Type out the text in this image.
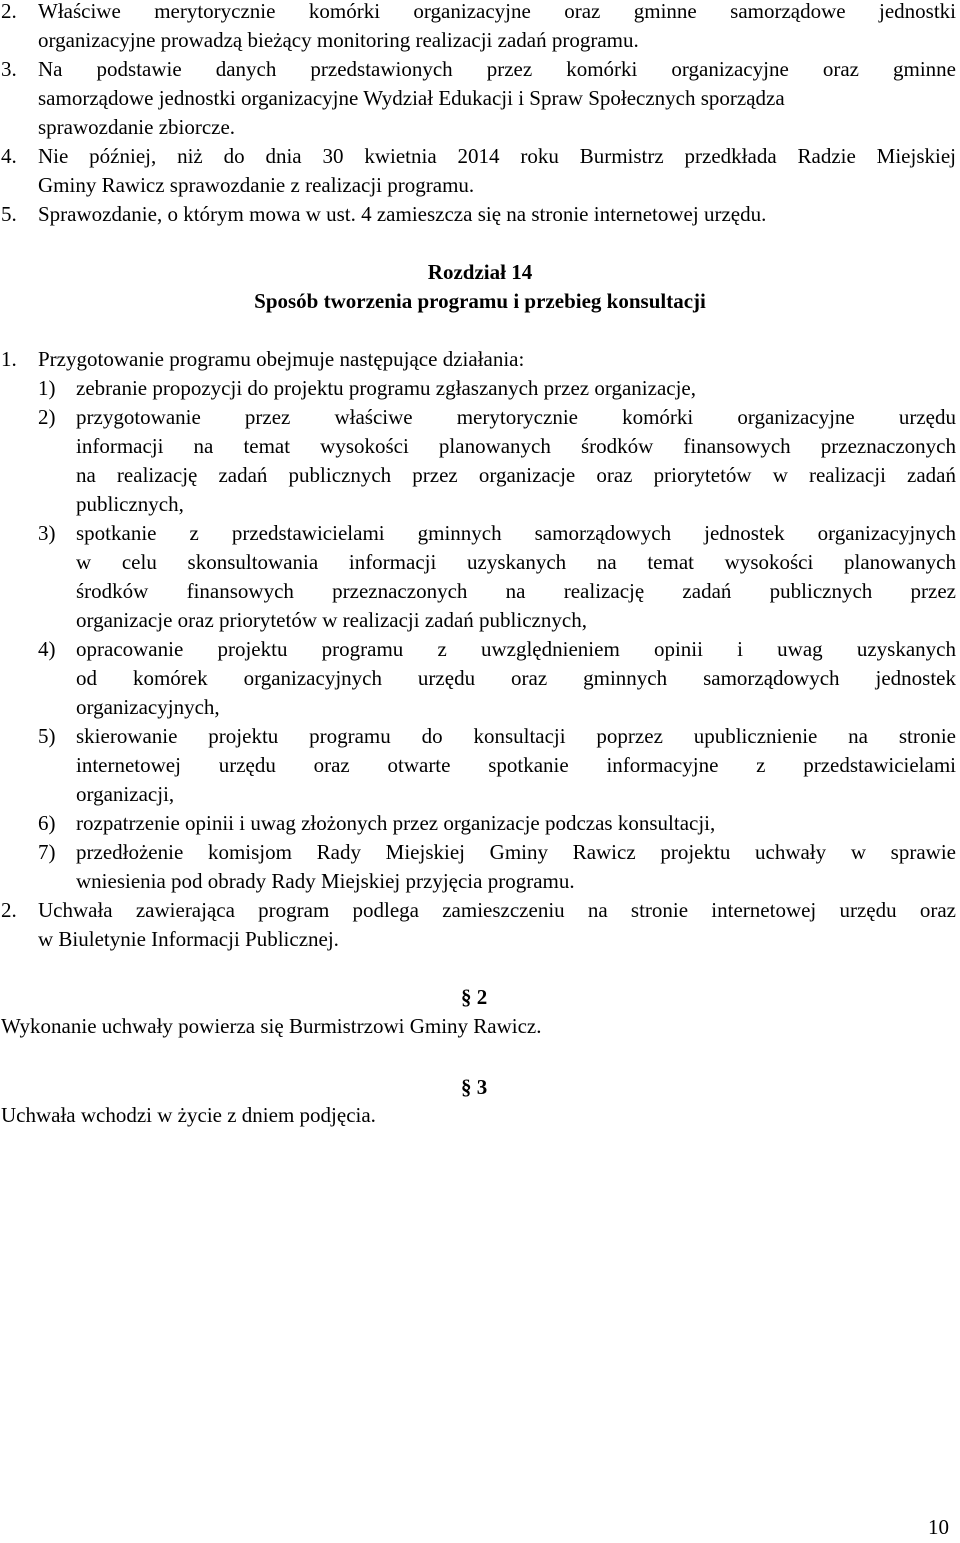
2. Właściwe merytorycznie komórki organizacyjne oraz gminne samorządowe jednostki
organizacyjne prowadzą bieżący monitoring realizacji zadań programu.
3. Na podstawie danych przedstawionych przez komórki organizacyjne oraz gminne
samorządowe jednostki organizacyjne Wydział Edukacji i Spraw Społecznych sporządza
sprawozdanie zbiorcze.
4. Nie później, niż do dnia 30 kwietnia 2014 roku Burmistrz przedkłada Radzie Miejskiej
Gminy Rawicz sprawozdanie z realizacji programu.
5. Sprawozdanie, o którym mowa w ust. 4 zamieszcza się na stronie internetowej urzędu.
Rozdział 14
Sposób tworzenia programu i przebieg konsultacji
1. Przygotowanie programu obejmuje następujące działania:
1) zebranie propozycji do projektu programu zgłaszanych przez organizacje,
2) przygotowanie przez właściwe merytorycznie komórki organizacyjne urzędu
informacji na temat wysokości planowanych środków finansowych przeznaczonych
na realizację zadań publicznych przez organizacje oraz priorytetów w realizacji zadań
publicznych,
3) spotkanie z przedstawicielami gminnych samorządowych jednostek organizacyjnych
w celu skonsultowania informacji uzyskanych na temat wysokości planowanych
środków finansowych przeznaczonych na realizację zadań publicznych przez
organizacje oraz priorytetów w realizacji zadań publicznych,
4) opracowanie projektu programu z uwzględnieniem opinii i uwag uzyskanych
od komórek organizacyjnych urzędu oraz gminnych samorządowych jednostek
organizacyjnych,
5) skierowanie projektu programu do konsultacji poprzez upublicznienie na stronie
internetowej urzędu oraz otwarte spotkanie informacyjne z przedstawicielami
organizacji,
6) rozpatrzenie opinii i uwag złożonych przez organizacje podczas konsultacji,
7) przedłożenie komisjom Rady Miejskiej Gminy Rawicz projektu uchwały w sprawie
wniesienia pod obrady Rady Miejskiej przyjęcia programu.
2. Uchwała zawierająca program podlega zamieszczeniu na stronie internetowej urzędu oraz
w Biuletynie Informacji Publicznej.
§ 2
Wykonanie uchwały powierza się Burmistrzowi Gminy Rawicz.
§ 3
Uchwała wchodzi w życie z dniem podjęcia.
10
